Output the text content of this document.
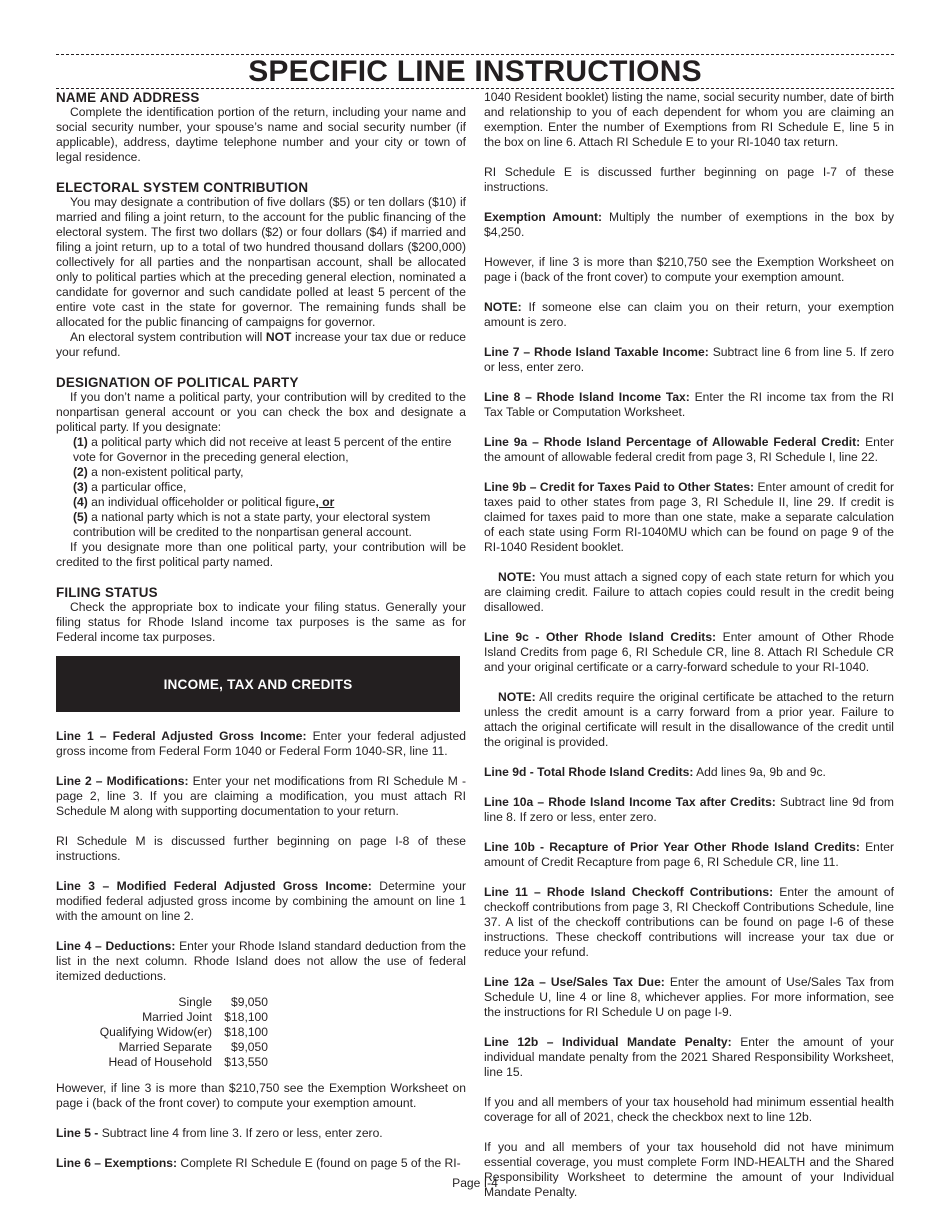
SPECIFIC LINE INSTRUCTIONS
NAME AND ADDRESS

Complete the identification portion of the return, including your name and social security number, your spouse’s name and social security number (if applicable), address, daytime telephone number and your city or town of legal residence.

ELECTORAL SYSTEM CONTRIBUTION

You may designate a contribution of five dollars ($5) or ten dollars ($10) if married and filing a joint return, to the account for the public financing of the electoral system. The first two dollars ($2) or four dollars ($4) if married and filing a joint return, up to a total of two hundred thousand dollars ($200,000) collectively for all parties and the nonpartisan account, shall be allocated only to political parties which at the preceding general election, nominated a candidate for governor and such candidate polled at least 5 percent of the entire vote cast in the state for governor. The remaining funds shall be allocated for the public financing of campaigns for governor.

An electoral system contribution will NOT increase your tax due or reduce your refund.

DESIGNATION OF POLITICAL PARTY

If you don’t name a political party, your contribution will by credited to the nonpartisan general account or you can check the box and designate a political party. If you designate:

(1) a political party which did not receive at least 5 percent of the entire vote for Governor in the preceding general election,
(2) a non-existent political party,
(3) a particular office,
(4) an individual officeholder or political figure, or
(5) a national party which is not a state party, your electoral system contribution will be credited to the nonpartisan general account.

If you designate more than one political party, your contribution will be credited to the first political party named.

FILING STATUS

Check the appropriate box to indicate your filing status. Generally your filing status for Rhode Island income tax purposes is the same as for Federal income tax purposes.

INCOME, TAX AND CREDITS

Line 1 – Federal Adjusted Gross Income: Enter your federal adjusted gross income from Federal Form 1040 or Federal Form 1040-SR, line 11.

Line 2 – Modifications: Enter your net modifications from RI Schedule M - page 2, line 3. If you are claiming a modification, you must attach RI Schedule M along with supporting documentation to your return.

RI Schedule M is discussed further beginning on page I-8 of these instructions.

Line 3 – Modified Federal Adjusted Gross Income: Determine your modified federal adjusted gross income by combining the amount on line 1 with the amount on line 2.

Line 4 – Deductions: Enter your Rhode Island standard deduction from the list in the next column. Rhode Island does not allow the use of federal itemized deductions.

Single	$9,050
Married Joint	$18,100
Qualifying Widow(er)	$18,100
Married Separate	$9,050
Head of Household	$13,550

However, if line 3 is more than $210,750 see the Exemption Worksheet on page i (back of the front cover) to compute your exemption amount.

Line 5 - Subtract line 4 from line 3. If zero or less, enter zero.

Line 6 – Exemptions: Complete RI Schedule E (found on page 5 of the RI-

1040 Resident booklet) listing the name, social security number, date of birth and relationship to you of each dependent for whom you are claiming an exemption. Enter the number of Exemptions from RI Schedule E, line 5 in the box on line 6. Attach RI Schedule E to your RI-1040 tax return.

RI Schedule E is discussed further beginning on page I-7 of these instructions.

Exemption Amount: Multiply the number of exemptions in the box by $4,250.

However, if line 3 is more than $210,750 see the Exemption Worksheet on page i (back of the front cover) to compute your exemption amount.

NOTE: If someone else can claim you on their return, your exemption amount is zero.

Line 7 – Rhode Island Taxable Income: Subtract line 6 from line 5. If zero or less, enter zero.

Line 8 – Rhode Island Income Tax: Enter the RI income tax from the RI Tax Table or Computation Worksheet.

Line 9a – Rhode Island Percentage of Allowable Federal Credit: Enter the amount of allowable federal credit from page 3, RI Schedule I, line 22.

Line 9b – Credit for Taxes Paid to Other States: Enter amount of credit for taxes paid to other states from page 3, RI Schedule II, line 29. If credit is claimed for taxes paid to more than one state, make a separate calculation of each state using Form RI-1040MU which can be found on page 9 of the RI-1040 Resident booklet.

NOTE: You must attach a signed copy of each state return for which you are claiming credit. Failure to attach copies could result in the credit being disallowed.

Line 9c - Other Rhode Island Credits: Enter amount of Other Rhode Island Credits from page 6, RI Schedule CR, line 8. Attach RI Schedule CR and your original certificate or a carry-forward schedule to your RI-1040.

NOTE: All credits require the original certificate be attached to the return unless the credit amount is a carry forward from a prior year. Failure to attach the original certificate will result in the disallowance of the credit until the original is provided.

Line 9d - Total Rhode Island Credits: Add lines 9a, 9b and 9c.

Line 10a – Rhode Island Income Tax after Credits: Subtract line 9d from line 8. If zero or less, enter zero.

Line 10b - Recapture of Prior Year Other Rhode Island Credits: Enter amount of Credit Recapture from page 6, RI Schedule CR, line 11.

Line 11 – Rhode Island Checkoff Contributions: Enter the amount of checkoff contributions from page 3, RI Checkoff Contributions Schedule, line 37. A list of the checkoff contributions can be found on page I-6 of these instructions. These checkoff contributions will increase your tax due or reduce your refund.

Line 12a – Use/Sales Tax Due: Enter the amount of Use/Sales Tax from Schedule U, line 4 or line 8, whichever applies. For more information, see the instructions for RI Schedule U on page I-9.

Line 12b – Individual Mandate Penalty: Enter the amount of your individual mandate penalty from the 2021 Shared Responsibility Worksheet, line 15.

If you and all members of your tax household had minimum essential health coverage for all of 2021, check the checkbox next to line 12b.

If you and all members of your tax household did not have minimum essential coverage, you must complete Form IND-HEALTH and the Shared Responsibility Worksheet to determine the amount of your Individual Mandate Penalty.

Page I-4
